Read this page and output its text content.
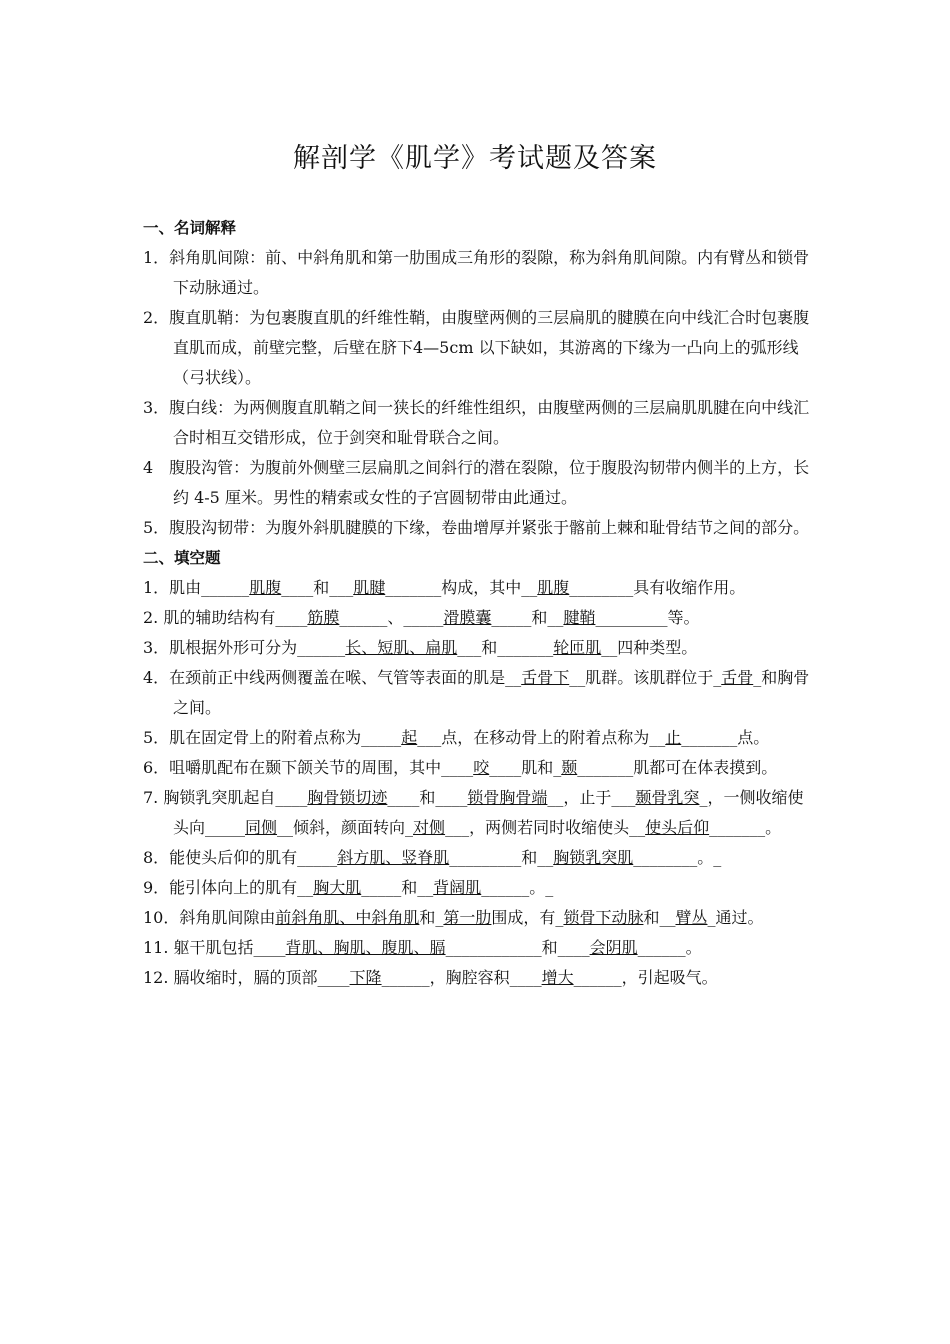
解剖学《肌学》考试题及答案

一、名词解释

1．斜角肌间隙：前、中斜角肌和第一肋围成三角形的裂隙，称为斜角肌间隙。内有臂丛和锁骨下动脉通过。

2．腹直肌鞘：为包裹腹直肌的纤维性鞘，由腹壁两侧的三层扁肌的腱膜在向中线汇合时包裹腹直肌而成，前壁完整，后壁在脐下4—5cm 以下缺如，其游离的下缘为一凸向上的弧形线（弓状线）。

3．腹白线：为两侧腹直肌鞘之间一狭长的纤维性组织，由腹壁两侧的三层扁肌肌腱在向中线汇合时相互交错形成，位于剑突和耻骨联合之间。

4　腹股沟管：为腹前外侧壁三层扁肌之间斜行的潜在裂隙，位于腹股沟韧带内侧半的上方，长约 4-5 厘米。男性的精索或女性的子宫圆韧带由此通过。

5．腹股沟韧带：为腹外斜肌腱膜的下缘，卷曲增厚并紧张于髂前上棘和耻骨结节之间的部分。

二、填空题

1．肌由______肌腹____和___肌腱_______构成，其中__肌腹________具有收缩作用。

2. 肌的辅助结构有____筋膜______、_____滑膜囊_____和__腱鞘_________等。

3．肌根据外形可分为______长、短肌、扁肌___和_______轮匝肌__四种类型。

4．在颈前正中线两侧覆盖在喉、气管等表面的肌是__舌骨下__肌群。该肌群位于_舌骨_和胸骨之间。

5．肌在固定骨上的附着点称为_____起___点，在移动骨上的附着点称为__止_______点。

6．咀嚼肌配布在颞下颌关节的周围，其中____咬____肌和_颞_______肌都可在体表摸到。

7. 胸锁乳突肌起自____胸骨锁切迹____和____锁骨胸骨端__，止于___颞骨乳突_，一侧收缩使头向_____同侧__倾斜，颜面转向_对侧___，两侧若同时收缩使头__使头后仰_______。

8．能使头后仰的肌有_____斜方肌、竖脊肌_________和__胸锁乳突肌________。_

9．能引体向上的肌有__胸大肌_____和__背阔肌______。_

10．斜角肌间隙由前斜角肌、中斜角肌和_第一肋围成，有_锁骨下动脉和__臂丛_通过。

11. 躯干肌包括____背肌、胸肌、腹肌、膈____________和____会阴肌______。

12. 膈收缩时，膈的顶部____下降______，胸腔容积____增大______，引起吸气。
